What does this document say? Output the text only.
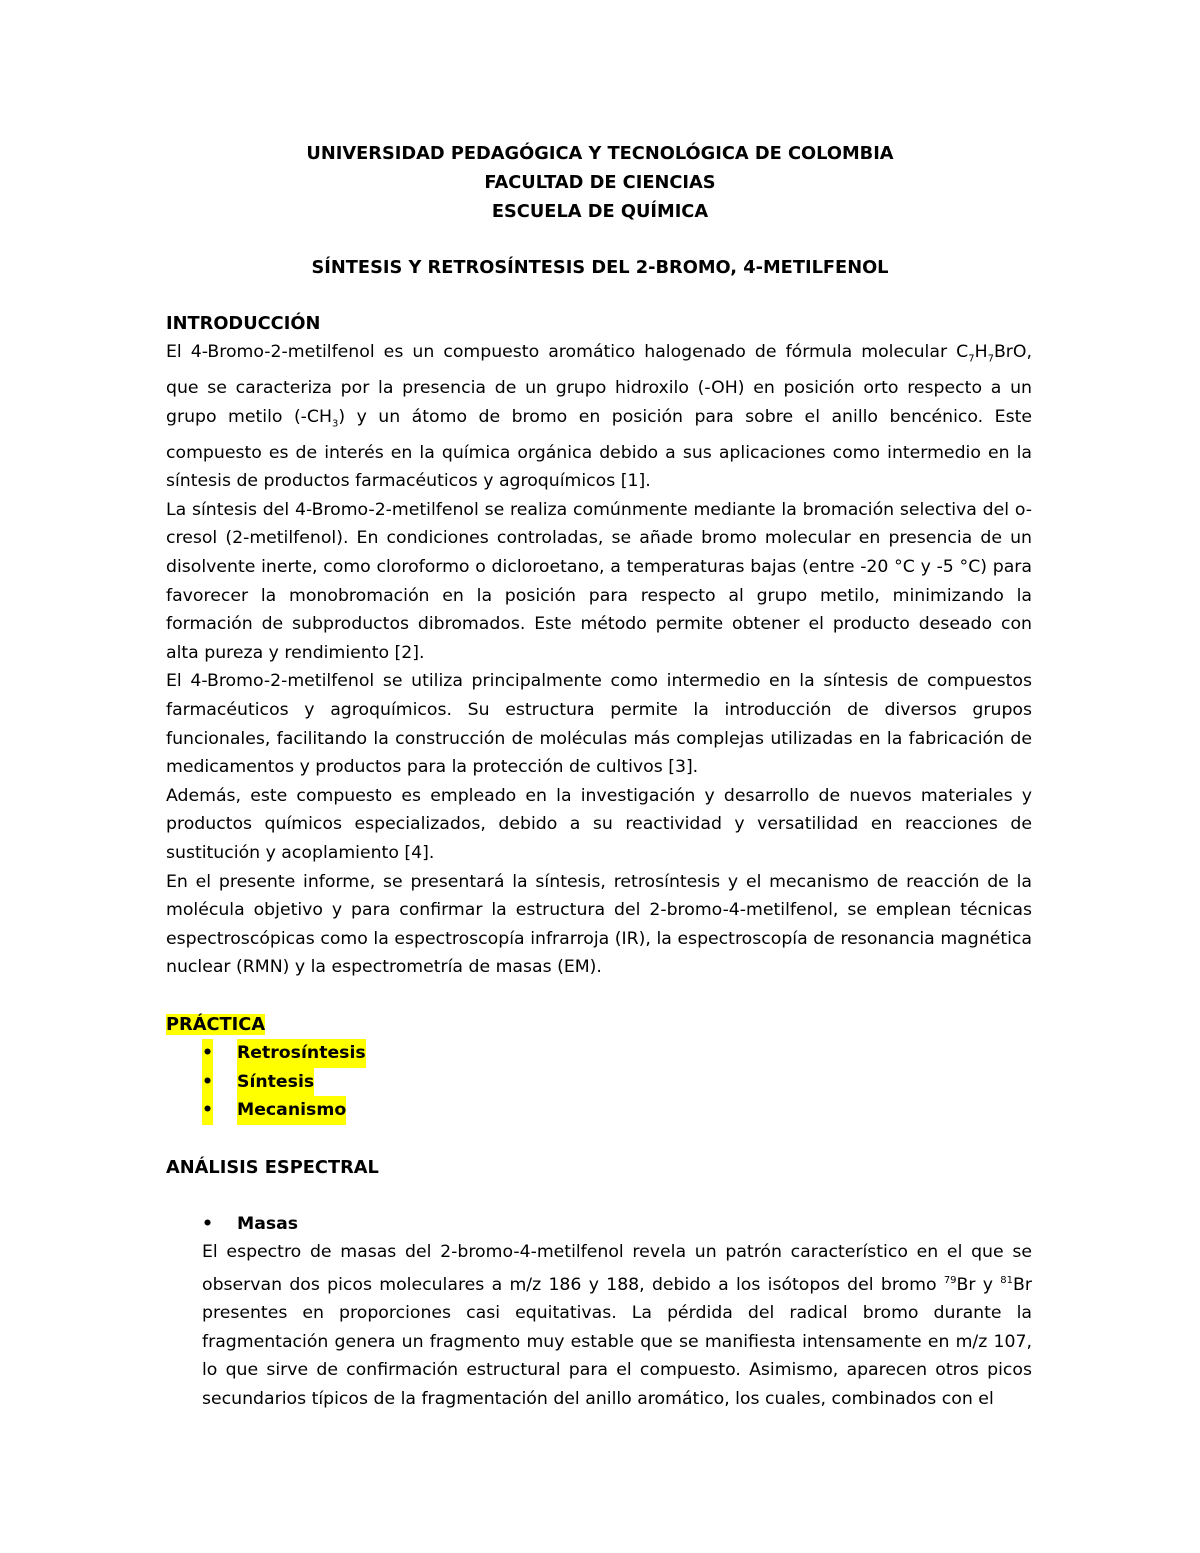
UNIVERSIDAD PEDAGÓGICA Y TECNOLÓGICA DE COLOMBIA
FACULTAD DE CIENCIAS
ESCUELA DE QUÍMICA
SÍNTESIS Y RETROSÍNTESIS DEL 2-BROMO, 4-METILFENOL
INTRODUCCIÓN

El 4-Bromo-2-metilfenol es un compuesto aromático halogenado de fórmula molecular $C_7H_7BrO$, que se caracteriza por la presencia de un grupo hidroxilo (-OH) en posición orto respecto a un grupo metilo $(-CH_3)$ y un átomo de bromo en posición para sobre el anillo bencénico. Este compuesto es de interés en la química orgánica debido a sus aplicaciones como intermedio en la síntesis de productos farmacéuticos y agroquímicos [1].

La síntesis del 4-Bromo-2-metilfenol se realiza comúnmente mediante la bromación selectiva del o-cresol (2-metilfenol). En condiciones controladas, se añade bromo molecular en presencia de un disolvente inerte, como cloroformo o dicloroetano, a temperaturas bajas (entre -20 °C y -5 °C) para favorecer la monobromación en la posición para respecto al grupo metilo, minimizando la formación de subproductos dibromados. Este método permite obtener el producto deseado con alta pureza y rendimiento [2].

El 4-Bromo-2-metilfenol se utiliza principalmente como intermedio en la síntesis de compuestos farmacéuticos y agroquímicos. Su estructura permite la introducción de diversos grupos funcionales, facilitando la construcción de moléculas más complejas utilizadas en la fabricación de medicamentos y productos para la protección de cultivos [3].

Además, este compuesto es empleado en la investigación y desarrollo de nuevos materiales y productos químicos especializados, debido a su reactividad y versatilidad en reacciones de sustitución y acoplamiento [4].

En el presente informe, se presentará la síntesis, retrosíntesis y el mecanismo de reacción de la molécula objetivo y para confirmar la estructura del 2-bromo-4-metilfenol, se emplean técnicas espectroscópicas como la espectroscopía infrarroja (IR), la espectroscopía de resonancia magnética nuclear (RMN) y la espectrometría de masas (EM).

PRÁCTICA
• Retrosíntesis
• Síntesis
• Mecanismo
ANÁLISIS ESPECTRAL
• Masas

El espectro de masas del 2-bromo-4-metilfenol revela un patrón característico en el que se observan dos picos moleculares a m/z 186 y 188, debido a los isótopos del bromo $^{79}$Br y $^{81}$Br presentes en proporciones casi equitativas. La pérdida del radical bromo durante la fragmentación genera un fragmento muy estable que se manifiesta intensamente en m/z 107, lo que sirve de confirmación estructural para el compuesto. Asimismo, aparecen otros picos secundarios típicos de la fragmentación del anillo aromático, los cuales, combinados con el
